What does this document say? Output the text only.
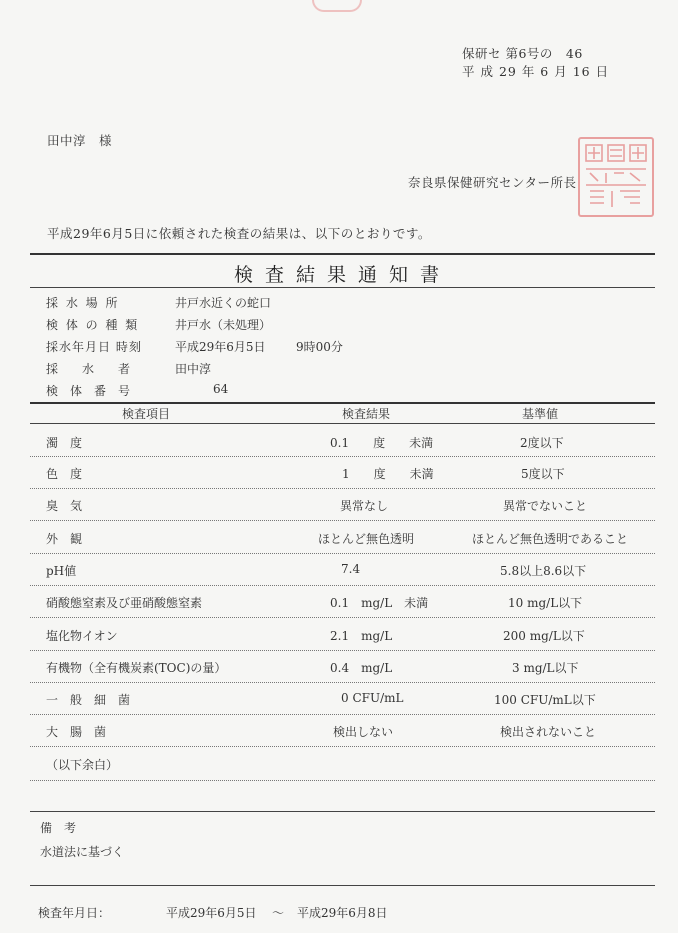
保研セ 第6号の　46
平 成 29 年 6 月 16 日
田中淳　様
奈良県保健研究センター所長
平成29年6月5日に依頼された検査の結果は、以下のとおりです。
検査結果通知書
採 水 場 所	井戸水近くの蛇口
検 体 の 種 類	井戸水（未処理）
採水年月日 時刻	平成29年6月5日	9時00分
採　　水　　者	田中淳
検　体　番　号	64
検査項目	検査結果	基準値
濁　度	0.1　　度　　未満	2度以下
色　度	1　　度　　未満	5度以下
臭　気	異常なし	異常でないこと
外　観	ほとんど無色透明	ほとんど無色透明であること
pH値	7.4	5.8以上8.6以下
硝酸態窒素及び亜硝酸態窒素	0.1　mg/L　未満	10 mg/L以下
塩化物イオン	2.1　mg/L	200 mg/L以下
有機物（全有機炭素(TOC)の量）	0.4　mg/L	3 mg/L以下
一　般　細　菌	0 CFU/mL	100 CFU/mL以下
大　腸　菌	検出しない	検出されないこと
（以下余白）
備　考
水道法に基づく
検査年月日：	平成29年6月5日 ～ 平成29年6月8日
